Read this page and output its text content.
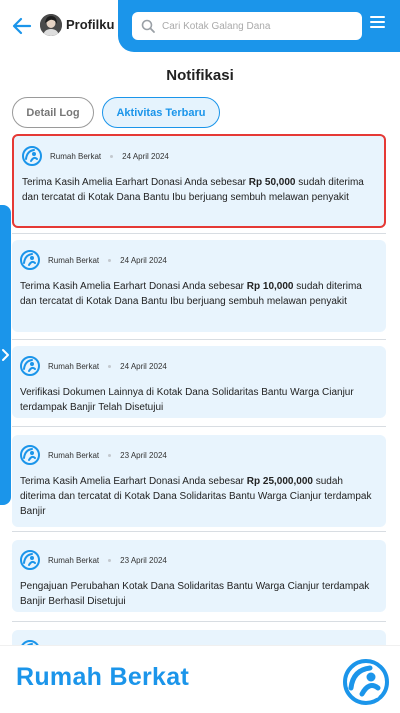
Profilku
Cari Kotak Galang Dana
Notifikasi
Detail Log	Aktivitas Terbaru
Rumah Berkat	24 April 2024
Terima Kasih Amelia Earhart Donasi Anda sebesar Rp 50,000 sudah diterima dan tercatat di Kotak Dana Bantu Ibu berjuang sembuh melawan penyakit
Rumah Berkat	24 April 2024
Terima Kasih Amelia Earhart Donasi Anda sebesar Rp 10,000 sudah diterima dan tercatat di Kotak Dana Bantu Ibu berjuang sembuh melawan penyakit
Rumah Berkat	24 April 2024
Verifikasi Dokumen Lainnya di Kotak Dana Solidaritas Bantu Warga Cianjur terdampak Banjir Telah Disetujui
Rumah Berkat	23 April 2024
Terima Kasih Amelia Earhart Donasi Anda sebesar Rp 25,000,000 sudah diterima dan tercatat di Kotak Dana Solidaritas Bantu Warga Cianjur terdampak Banjir
Rumah Berkat	23 April 2024
Pengajuan Perubahan Kotak Dana Solidaritas Bantu Warga Cianjur terdampak Banjir Berhasil Disetujui
Rumah Berkat
